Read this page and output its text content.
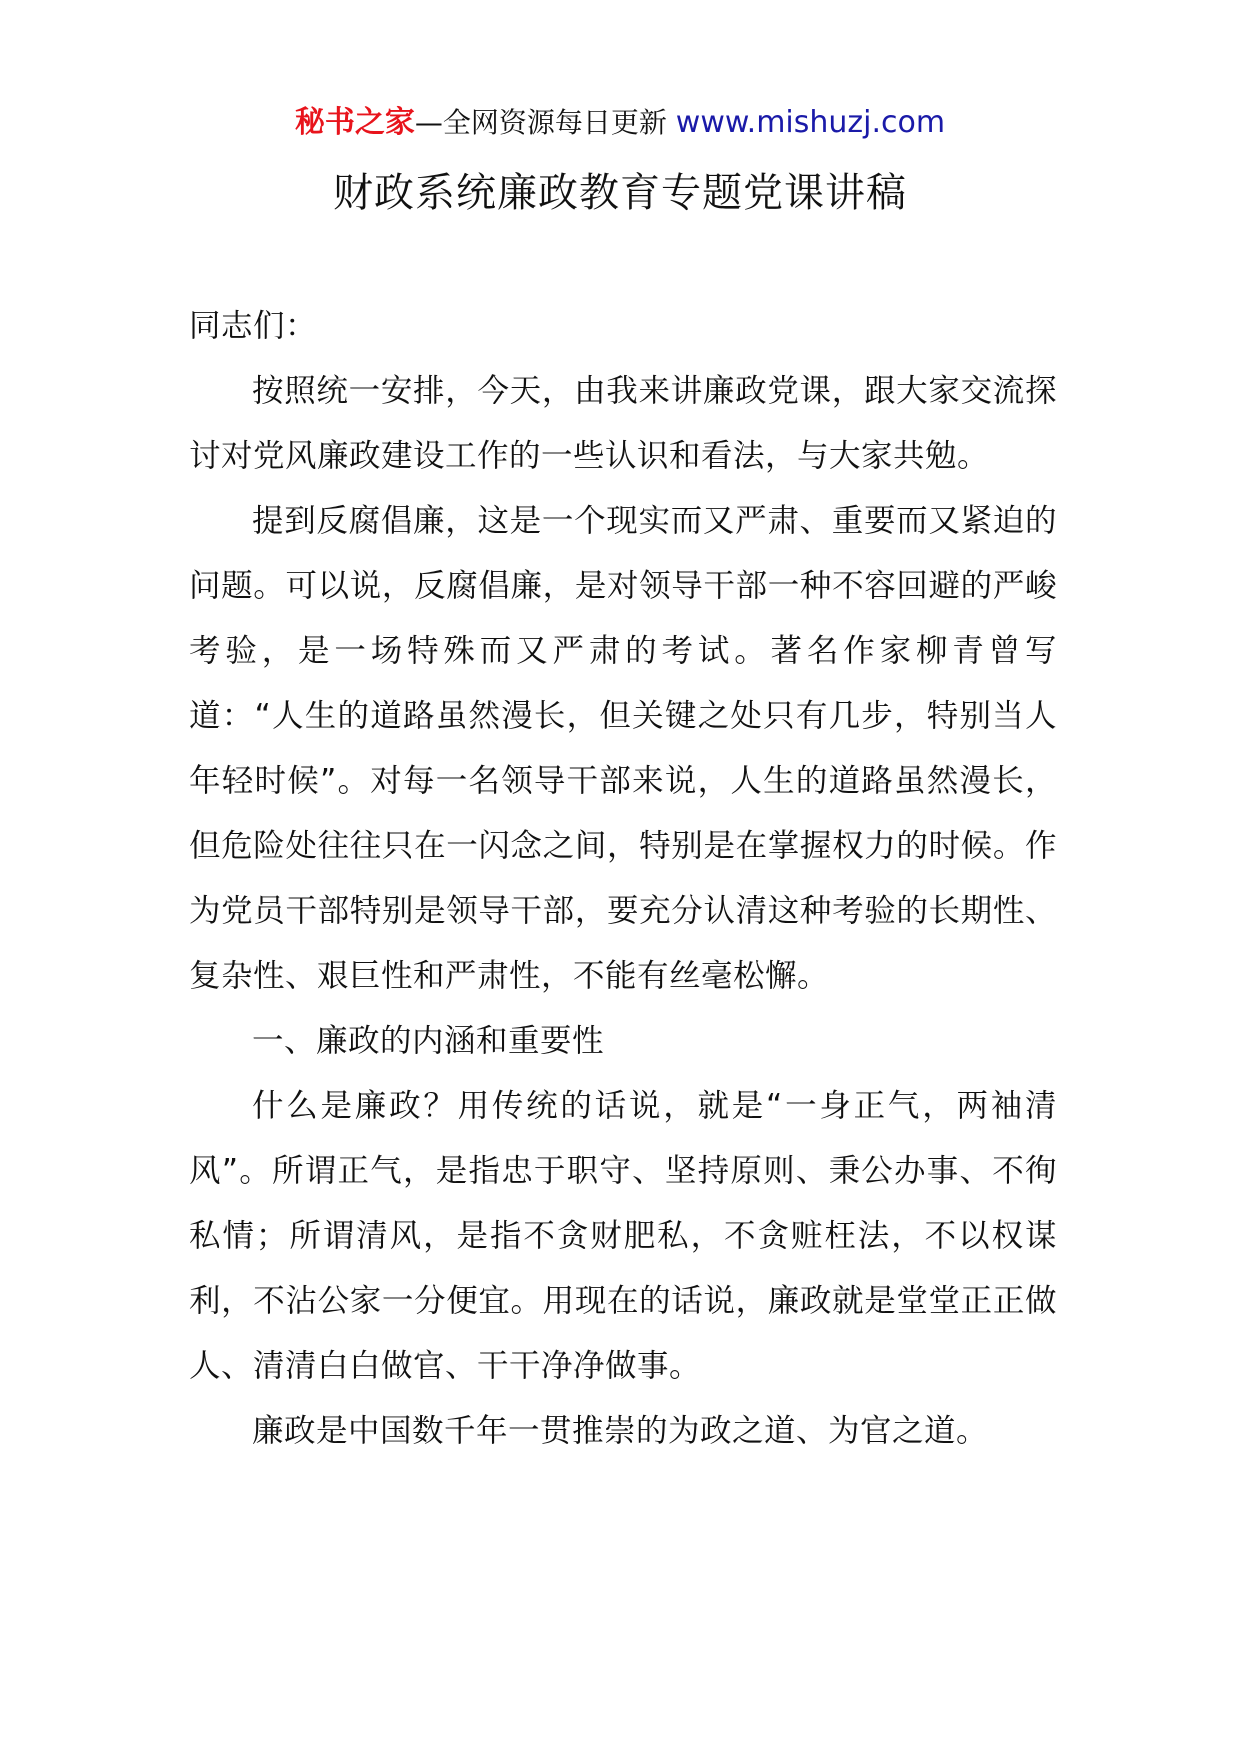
秘书之家—全网资源每日更新 www.mishuzj.com
财政系统廉政教育专题党课讲稿

同志们：

按照统一安排，今天，由我来讲廉政党课，跟大家交流探讨对党风廉政建设工作的一些认识和看法，与大家共勉。

提到反腐倡廉，这是一个现实而又严肃、重要而又紧迫的问题。可以说，反腐倡廉，是对领导干部一种不容回避的严峻考验，是一场特殊而又严肃的考试。著名作家柳青曾写道：“人生的道路虽然漫长，但关键之处只有几步，特别当人年轻时候”。对每一名领导干部来说，人生的道路虽然漫长，但危险处往往只在一闪念之间，特别是在掌握权力的时候。作为党员干部特别是领导干部，要充分认清这种考验的长期性、复杂性、艰巨性和严肃性，不能有丝毫松懈。

一、廉政的内涵和重要性

什么是廉政？用传统的话说，就是“一身正气，两袖清风”。所谓正气，是指忠于职守、坚持原则、秉公办事、不徇私情；所谓清风，是指不贪财肥私，不贪赃枉法，不以权谋利，不沾公家一分便宜。用现在的话说，廉政就是堂堂正正做人、清清白白做官、干干净净做事。

廉政是中国数千年一贯推崇的为政之道、为官之道。
